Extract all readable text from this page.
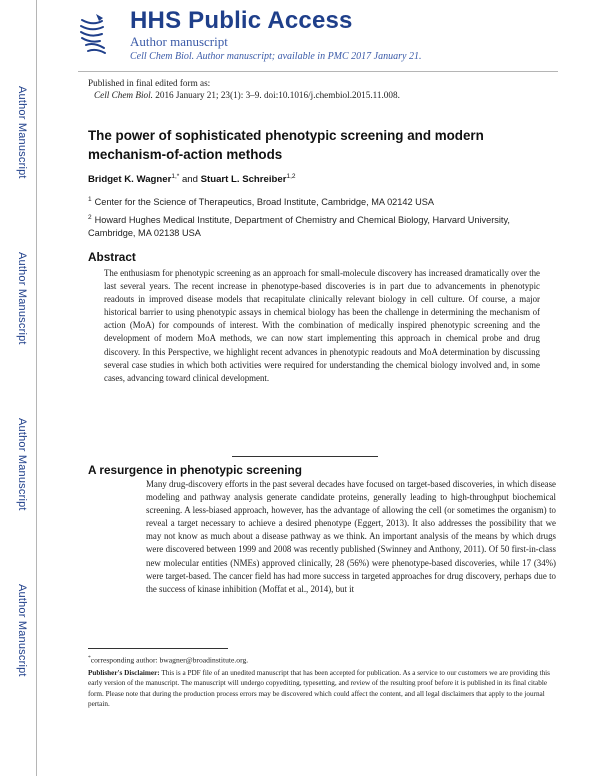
Author Manuscript
Author Manuscript
Author Manuscript
Author Manuscript
HHS Public Access
Author manuscript
Cell Chem Biol. Author manuscript; available in PMC 2017 January 21.
Published in final edited form as:
Cell Chem Biol. 2016 January 21; 23(1): 3–9. doi:10.1016/j.chembiol.2015.11.008.
The power of sophisticated phenotypic screening and modern
mechanism-of-action methods
Bridget K. Wagner$^{1,*}$ and Stuart L. Schreiber$^{1,2}$
$^1$ Center for the Science of Therapeutics, Broad Institute, Cambridge, MA 02142 USA
$^2$ Howard Hughes Medical Institute, Department of Chemistry and Chemical Biology, Harvard University, Cambridge, MA 02138 USA
Abstract

The enthusiasm for phenotypic screening as an approach for small-molecule discovery has increased dramatically over the last several years. The recent increase in phenotype-based discoveries is in part due to advancements in phenotypic readouts in improved disease models that recapitulate clinically relevant biology in cell culture. Of course, a major historical barrier to using phenotypic assays in chemical biology has been the challenge in determining the mechanism of action (MoA) for compounds of interest. With the combination of medically inspired phenotypic screening and the development of modern MoA methods, we can now start implementing this approach in chemical probe and drug discovery. In this Perspective, we highlight recent advances in phenotypic readouts and MoA determination by discussing several case studies in which both activities were required for understanding the chemical biology involved and, in some cases, advancing toward clinical development.

A resurgence in phenotypic screening

Many drug-discovery efforts in the past several decades have focused on target-based discoveries, in which disease modeling and pathway analysis generate candidate proteins, generally leading to high-throughput biochemical screening. A less-biased approach, however, has the advantage of allowing the cell (or sometimes the organism) to reveal a target necessary to achieve a desired phenotype (Eggert, 2013). It also addresses the possibility that we may not know as much about a disease pathway as we think. An important analysis of the means by which drugs were discovered between 1999 and 2008 was recently published (Swinney and Anthony, 2011). Of 50 first-in-class new molecular entities (NMEs) approved clinically, 28 (56%) were phenotype-based discoveries, while 17 (34%) were target-based. The cancer field has had more success in targeted approaches for drug discovery, perhaps due to the success of kinase inhibition (Moffat et al., 2014), but it

*corresponding author: bwagner@broadinstitute.org.

Publisher's Disclaimer: This is a PDF file of an unedited manuscript that has been accepted for publication. As a service to our customers we are providing this early version of the manuscript. The manuscript will undergo copyediting, typesetting, and review of the resulting proof before it is published in its final citable form. Please note that during the production process errors may be discovered which could affect the content, and all legal disclaimers that apply to the journal pertain.
